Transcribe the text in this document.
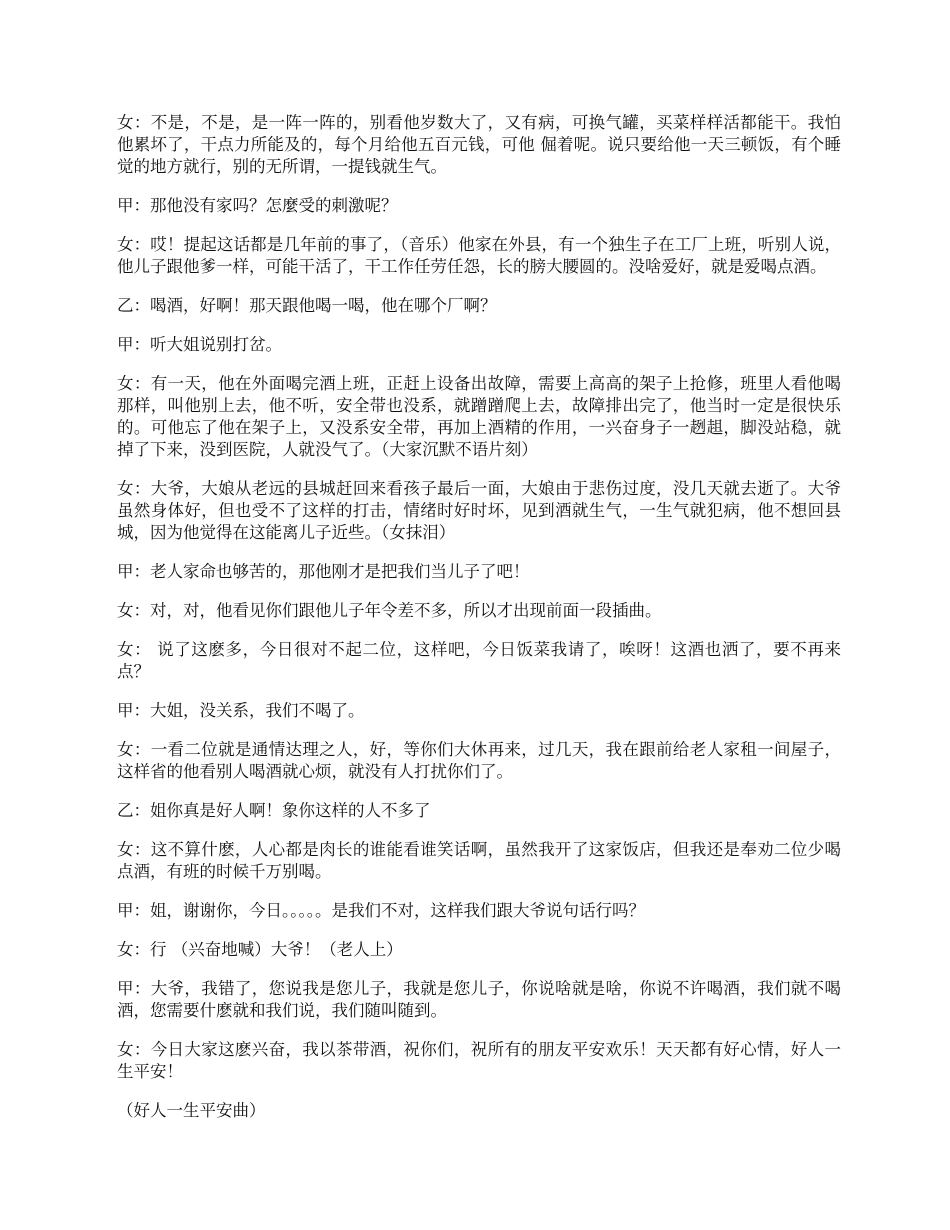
女：不是，不是，是一阵一阵的，别看他岁数大了，又有病，可换气罐，买菜样样活都能干。我怕他累坏了，干点力所能及的，每个月给他五百元钱，可他 倔着呢。说只要给他一天三顿饭，有个睡觉的地方就行，别的无所谓，一提钱就生气。

甲：那他没有家吗？怎麼受的刺激呢？

女：哎！提起这话都是几年前的事了，（音乐）他家在外县，有一个独生子在工厂上班，听别人说，他儿子跟他爹一样，可能干活了，干工作任劳任怨，长的膀大腰圆的。没啥爱好，就是爱喝点酒。

乙：喝酒，好啊！那天跟他喝一喝，他在哪个厂啊？

甲：听大姐说别打岔。

女：有一天，他在外面喝完酒上班，正赶上设备出故障，需要上高高的架子上抢修，班里人看他喝那样，叫他别上去，他不听，安全带也没系，就蹭蹭爬上去，故障排出完了，他当时一定是很快乐的。可他忘了他在架子上，又没系安全带，再加上酒精的作用，一兴奋身子一趔趄，脚没站稳，就掉了下来，没到医院，人就没气了。（大家沉默不语片刻）

女：大爷，大娘从老远的县城赶回来看孩子最后一面，大娘由于悲伤过度，没几天就去逝了。大爷虽然身体好，但也受不了这样的打击，情绪时好时坏，见到酒就生气，一生气就犯病，他不想回县城，因为他觉得在这能离儿子近些。（女抹泪）

甲：老人家命也够苦的，那他刚才是把我们当儿子了吧！

女：对，对，他看见你们跟他儿子年令差不多，所以才出现前面一段插曲。

女： 说了这麽多，今日很对不起二位，这样吧，今日饭菜我请了，唉呀！这酒也洒了，要不再来点？

甲：大姐，没关系，我们不喝了。

女：一看二位就是通情达理之人，好，等你们大休再来，过几天，我在跟前给老人家租一间屋子，这样省的他看别人喝酒就心烦，就没有人打扰你们了。

乙：姐你真是好人啊！象你这样的人不多了

女：这不算什麽，人心都是肉长的谁能看谁笑话啊，虽然我开了这家饭店，但我还是奉劝二位少喝点酒，有班的时候千万别喝。

甲：姐，谢谢你，今日。。。。。是我们不对，这样我们跟大爷说句话行吗？

女：行 （兴奋地喊）大爷！（老人上）

甲：大爷，我错了，您说我是您儿子，我就是您儿子，你说啥就是啥，你说不许喝酒，我们就不喝酒，您需要什麽就和我们说，我们随叫随到。

女：今日大家这麽兴奋，我以茶带酒，祝你们，祝所有的朋友平安欢乐！天天都有好心情，好人一生平安！

（好人一生平安曲）
